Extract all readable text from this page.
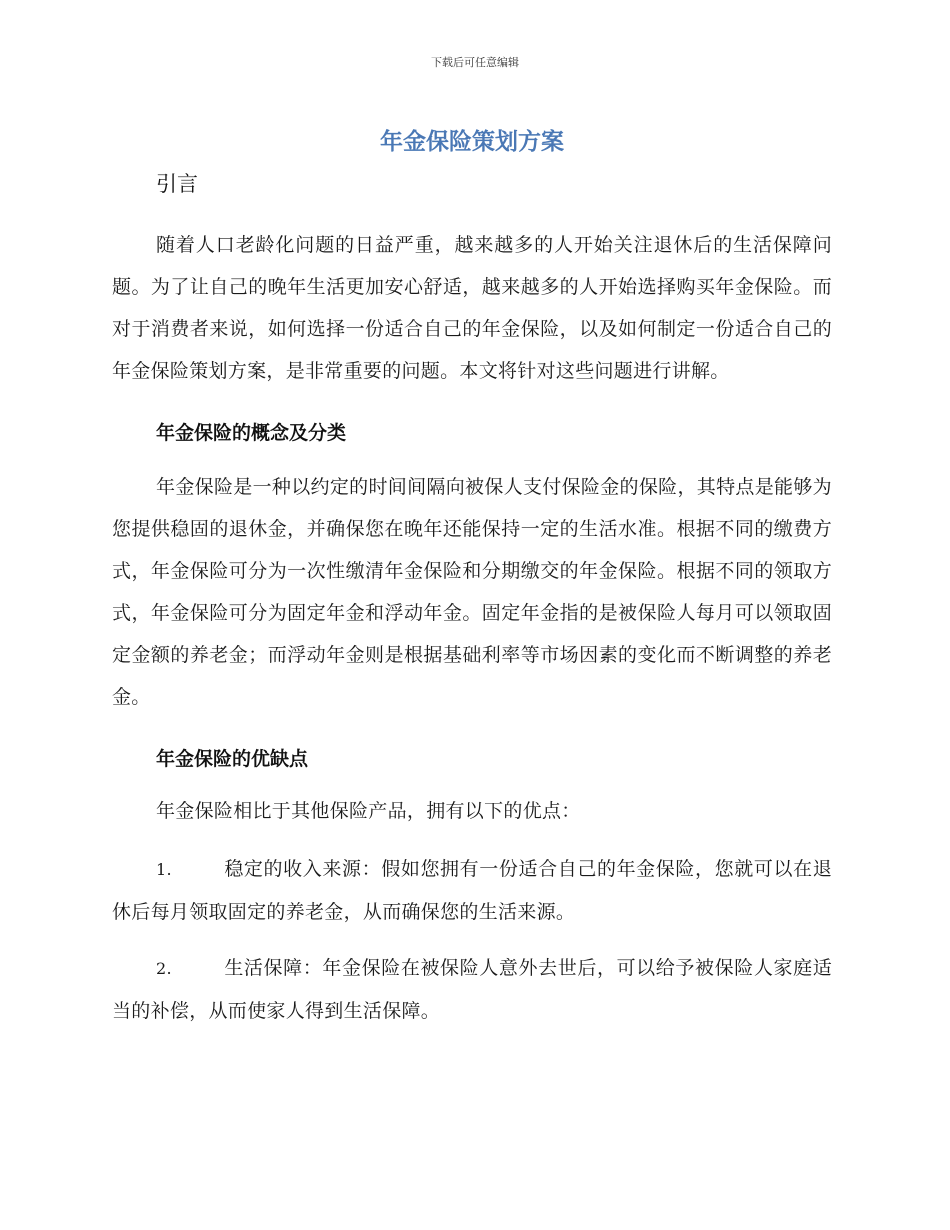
下载后可任意编辑
年金保险策划方案
引言

随着人口老龄化问题的日益严重，越来越多的人开始关注退休后的生活保障问题。为了让自己的晚年生活更加安心舒适，越来越多的人开始选择购买年金保险。而对于消费者来说，如何选择一份适合自己的年金保险，以及如何制定一份适合自己的年金保险策划方案，是非常重要的问题。本文将针对这些问题进行讲解。

年金保险的概念及分类

年金保险是一种以约定的时间间隔向被保人支付保险金的保险，其特点是能够为您提供稳固的退休金，并确保您在晚年还能保持一定的生活水准。根据不同的缴费方式，年金保险可分为一次性缴清年金保险和分期缴交的年金保险。根据不同的领取方式，年金保险可分为固定年金和浮动年金。固定年金指的是被保险人每月可以领取固定金额的养老金；而浮动年金则是根据基础利率等市场因素的变化而不断调整的养老金。

年金保险的优缺点

年金保险相比于其他保险产品，拥有以下的优点：

1.	稳定的收入来源：假如您拥有一份适合自己的年金保险，您就可以在退休后每月领取固定的养老金，从而确保您的生活来源。

2.	生活保障：年金保险在被保险人意外去世后，可以给予被保险人家庭适当的补偿，从而使家人得到生活保障。
